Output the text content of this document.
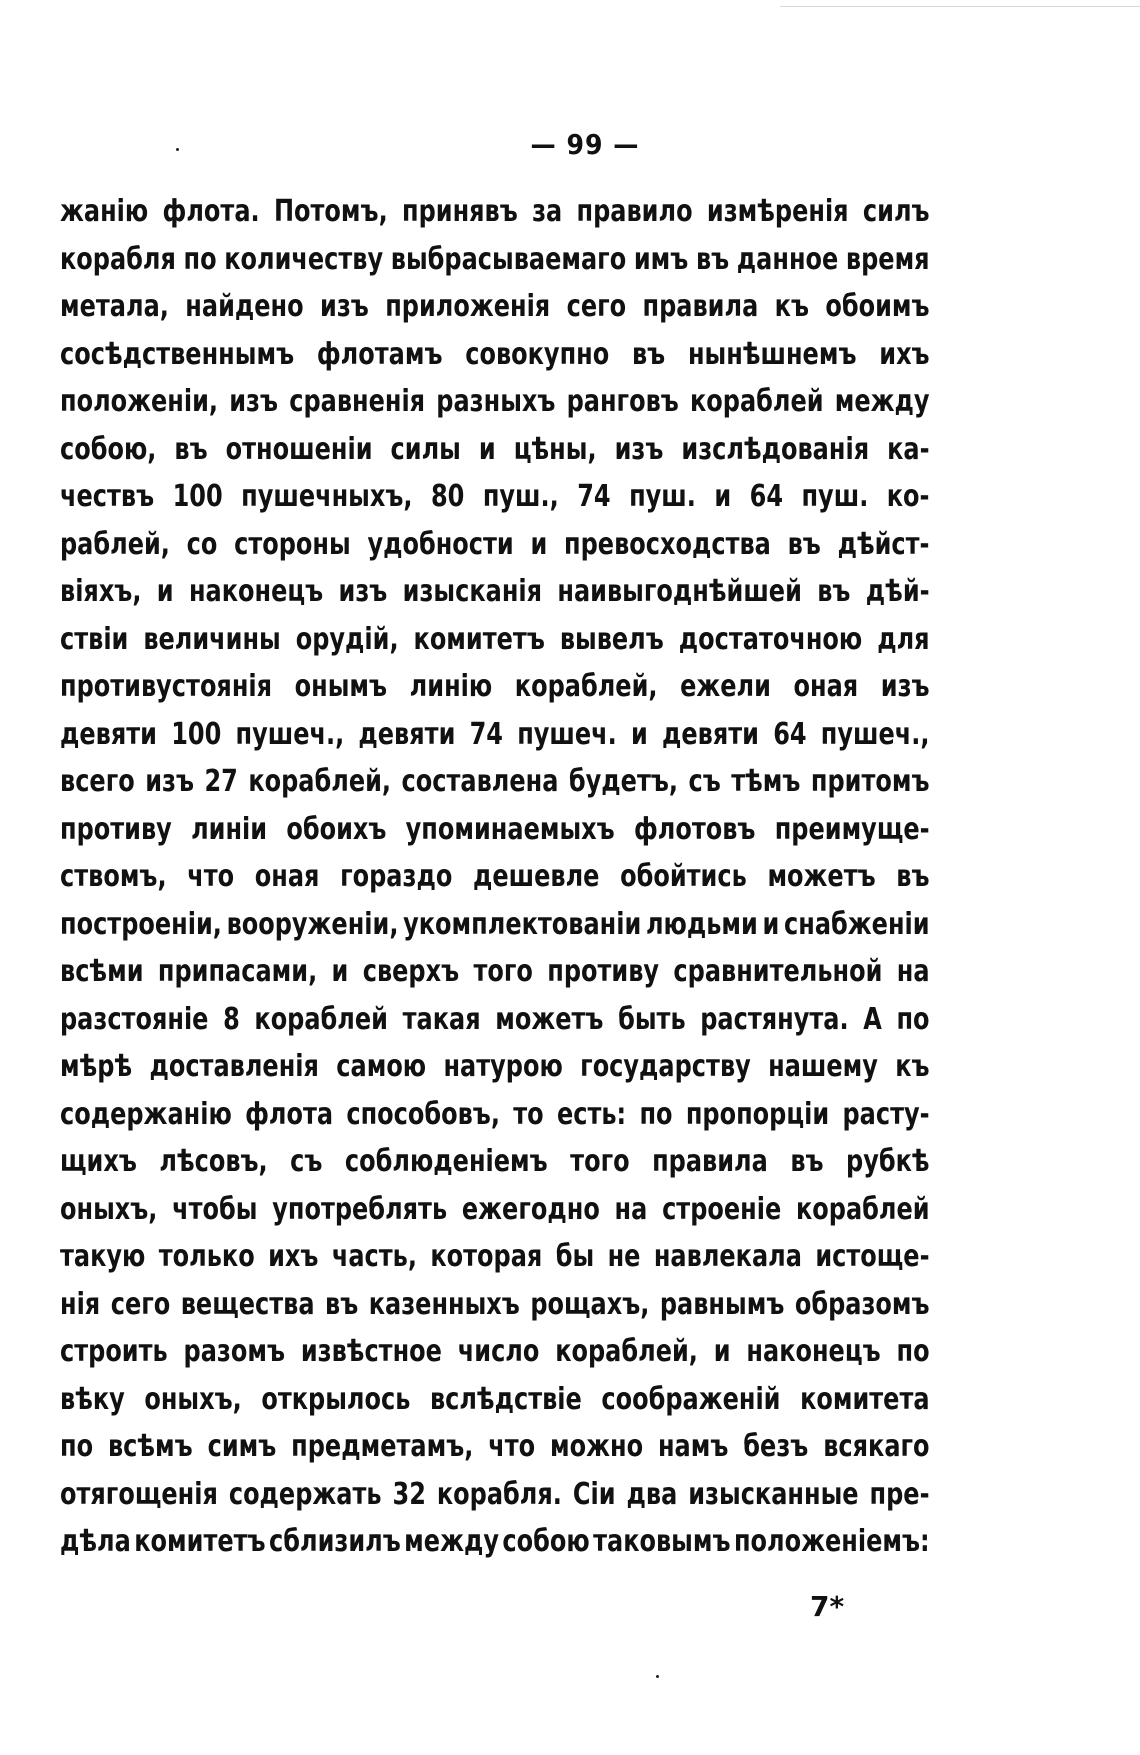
— 99 —
жанію флота. Потомъ, принявъ за правило измѣренія силъ
корабля по количеству выбрасываемаго имъ въ данное время
метала, найдено изъ приложенія сего правила къ обоимъ
сосѣдственнымъ флотамъ совокупно въ нынѣшнемъ ихъ
положеніи, изъ сравненія разныхъ ранговъ кораблей между
собою, въ отношеніи силы и цѣны, изъ изслѣдованія ка-
чествъ 100 пушечныхъ, 80 пуш., 74 пуш. и 64 пуш. ко-
раблей, со стороны удобности и превосходства въ дѣйст-
віяхъ, и наконецъ изъ изысканія наивыгоднѣйшей въ дѣй-
ствіи величины орудій, комитетъ вывелъ достаточною для
противустоянія онымъ линію кораблей, ежели оная изъ
девяти 100 пушеч., девяти 74 пушеч. и девяти 64 пушеч.,
всего изъ 27 кораблей, составлена будетъ, съ тѣмъ притомъ
противу линіи обоихъ упоминаемыхъ флотовъ преимуще-
ствомъ, что оная гораздо дешевле обойтись можетъ въ
построеніи, вооруженіи, укомплектованіи людьми и снабженіи
всѣми припасами, и сверхъ того противу сравнительной на
разстояніе 8 кораблей такая можетъ быть растянута. А по
мѣрѣ доставленія самою натурою государству нашему къ
содержанію флота способовъ, то есть: по пропорціи расту-
щихъ лѣсовъ, съ соблюденіемъ того правила въ рубкѣ
оныхъ, чтобы употреблять ежегодно на строеніе кораблей
такую только ихъ часть, которая бы не навлекала истоще-
нія сего вещества въ казенныхъ рощахъ, равнымъ образомъ
строить разомъ извѣстное число кораблей, и наконецъ по
вѣку оныхъ, открылось вслѣдствіе соображеній комитета
по всѣмъ симъ предметамъ, что можно намъ безъ всякаго
отягощенія содержать 32 корабля. Сіи два изысканные пре-
дѣла комитетъ сблизилъ между собою таковымъ положеніемъ:
7*
